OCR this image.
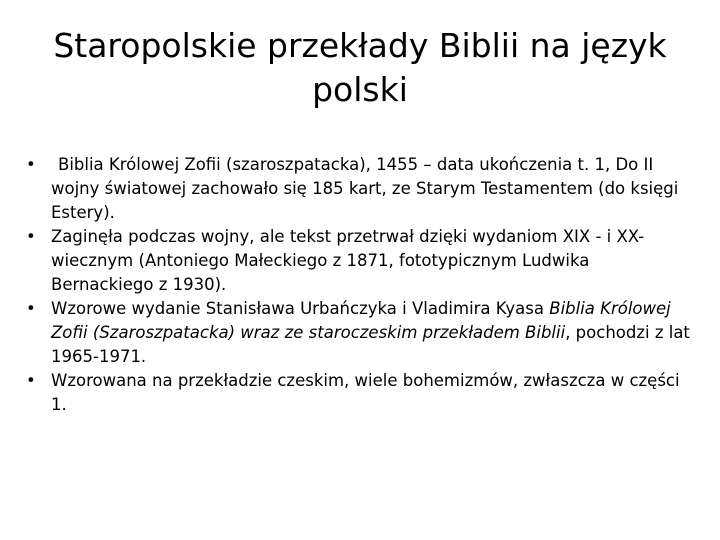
Staropolskie przekłady Biblii na język polski
•	Biblia Królowej Zofii (szaroszpatacka), 1455 – data ukończenia t. 1, Do II wojny światowej zachowało się 185 kart, ze Starym Testamentem (do księgi Estery).
• Zaginęła podczas wojny, ale tekst przetrwał dzięki wydaniom XIX - i XX-wiecznym (Antoniego Małeckiego z 1871, fototypicznym Ludwika Bernackiego z 1930).
• Wzorowe wydanie Stanisława Urbańczyka i Vladimira Kyasa Biblia Królowej Zofii (Szaroszpatacka) wraz ze staroczeskim przekładem Biblii, pochodzi z lat 1965-1971.
• Wzorowana na przekładzie czeskim, wiele bohemizmów, zwłaszcza w części 1.
